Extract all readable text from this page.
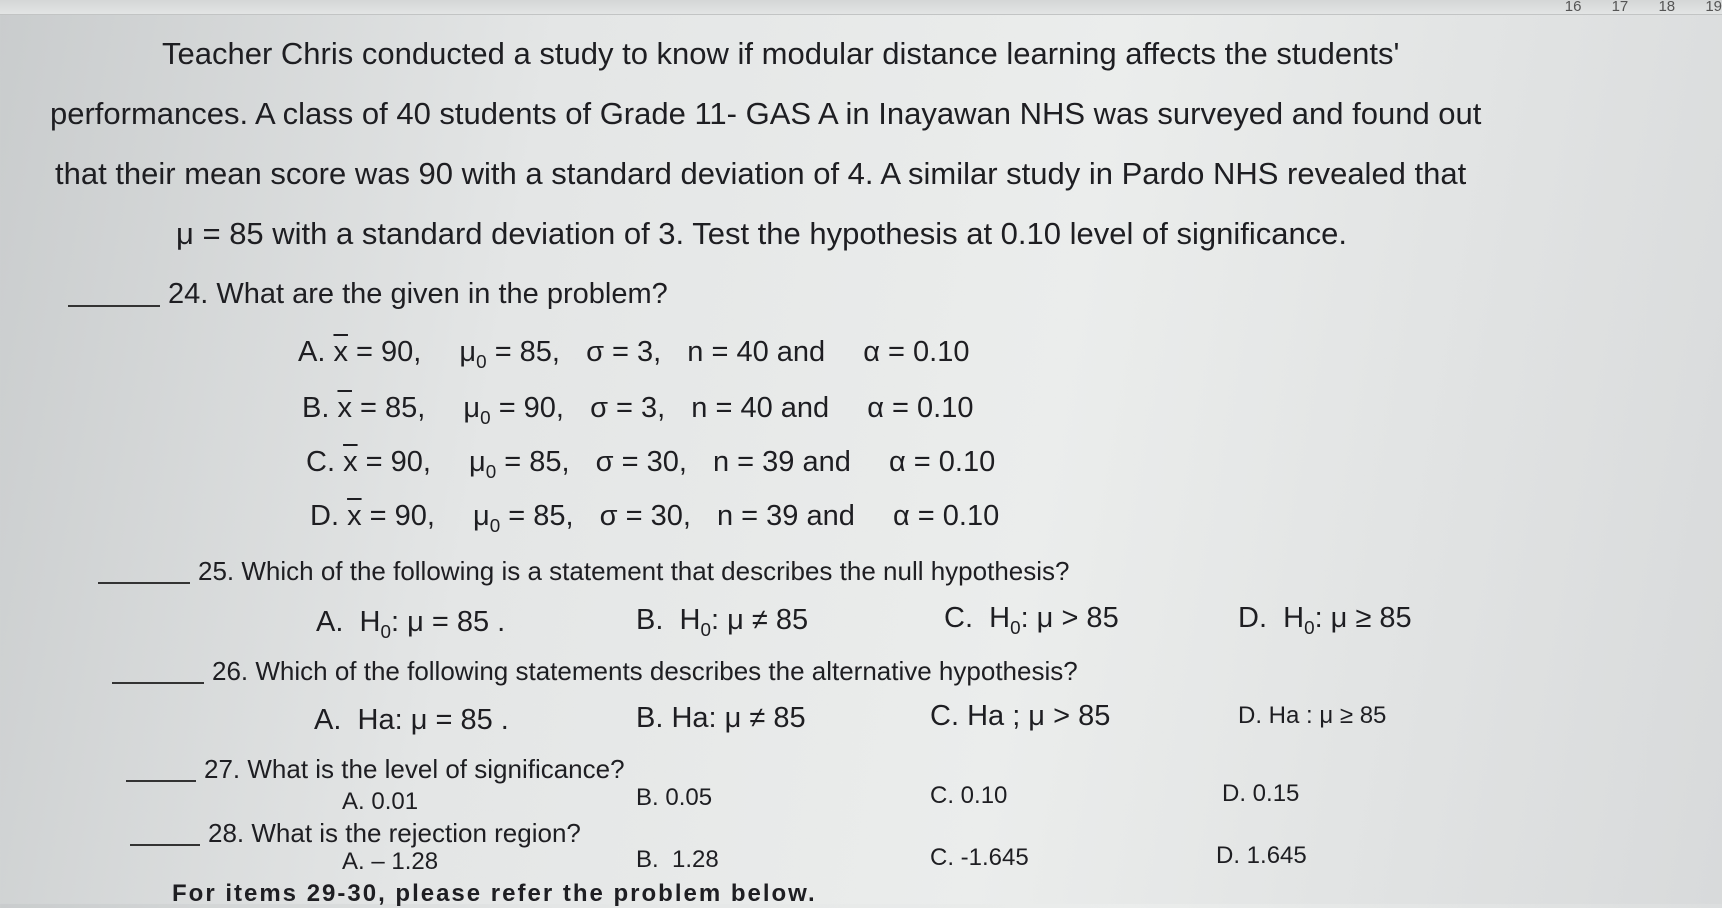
16 17 18 19
Teacher Chris conducted a study to know if modular distance learning affects the students'
performances. A class of 40 students of Grade 11- GAS A in Inayawan NHS was surveyed and found out
that their mean score was 90 with a standard deviation of 4. A similar study in Pardo NHS revealed that
μ = 85 with a standard deviation of 3. Test the hypothesis at 0.10 level of significance.
24. What are the given in the problem?
A. $\overline{x} = 90$, $\mu_0 = 85$, σ = 3, n = 40 and α = 0.10
B. $\overline{x} = 85$, $\mu_0 = 90$, σ = 3, n = 40 and α = 0.10
C. $\overline{x} = 90$, $\mu_0 = 85$, σ = 30, n = 39 and α = 0.10
D. $\overline{x} = 90$, $\mu_0 = 85$, σ = 30, n = 39 and α = 0.10
25. Which of the following is a statement that describes the null hypothesis?
A. $H_0$: μ = 85 .	B. $H_0$: μ ≠ 85	C. $H_0$: μ > 85	D. $H_0$: μ ≥ 85
26. Which of the following statements describes the alternative hypothesis?
A. Ha: μ = 85 .	B. Ha: μ ≠ 85	C. Ha ; μ > 85	D. Ha : μ ≥ 85
27. What is the level of significance?
A. 0.01	B. 0.05	C. 0.10	D. 0.15
28. What is the rejection region?
A. – 1.28	B. 1.28	C. -1.645	D. 1.645
For items 29-30, please refer the problem below.
